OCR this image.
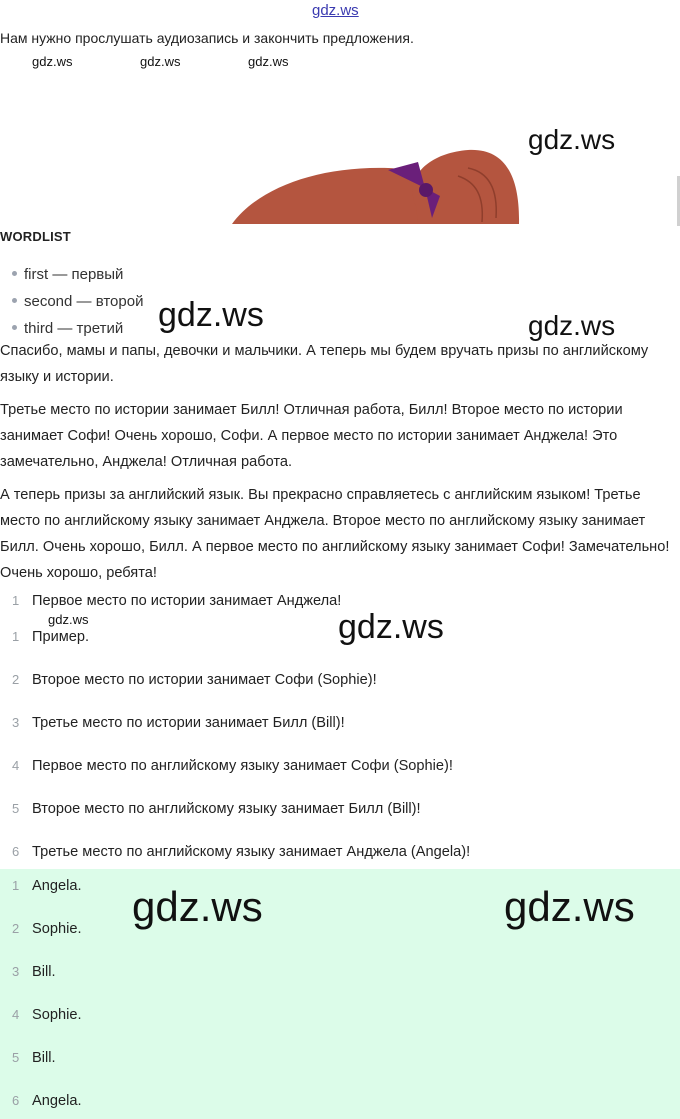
gdz.ws
Нам нужно прослушать аудиозапись и закончить предложения.
gdz.ws	gdz.ws	gdz.ws
gdz.ws
WORDLIST
first — первый
second — второй
third — третий	gdz.ws	gdz.ws

Спасибо, мамы и папы, девочки и мальчики. А теперь мы будем вручать призы по английскому языку и истории.

Третье место по истории занимает Билл! Отличная работа, Билл! Второе место по истории занимает Софи! Очень хорошо, Софи. А первое место по истории занимает Анджела! Это замечательно, Анджела! Отличная работа.

А теперь призы за английский язык. Вы прекрасно справляетесь с английским языком! Третье место по английскому языку занимает Анджела. Второе место по английскому языку занимает Билл. Очень хорошо, Билл. А первое место по английскому языку занимает Софи! Замечательно! Очень хорошо, ребята!

1 Первое место по истории занимает Анджела!
gdz.ws
1 Пример.	gdz.ws
2 Второе место по истории занимает Софи (Sophie)!
3 Третье место по истории занимает Билл (Bill)!
4 Первое место по английскому языку занимает Софи (Sophie)!
5 Второе место по английскому языку занимает Билл (Bill)!
6 Третье место по английскому языку занимает Анджела (Angela)!
1 Angela.
2 Sophie.
3 Bill.
4 Sophie.
5 Bill.
6 Angela.
gdz.ws	gdz.ws
